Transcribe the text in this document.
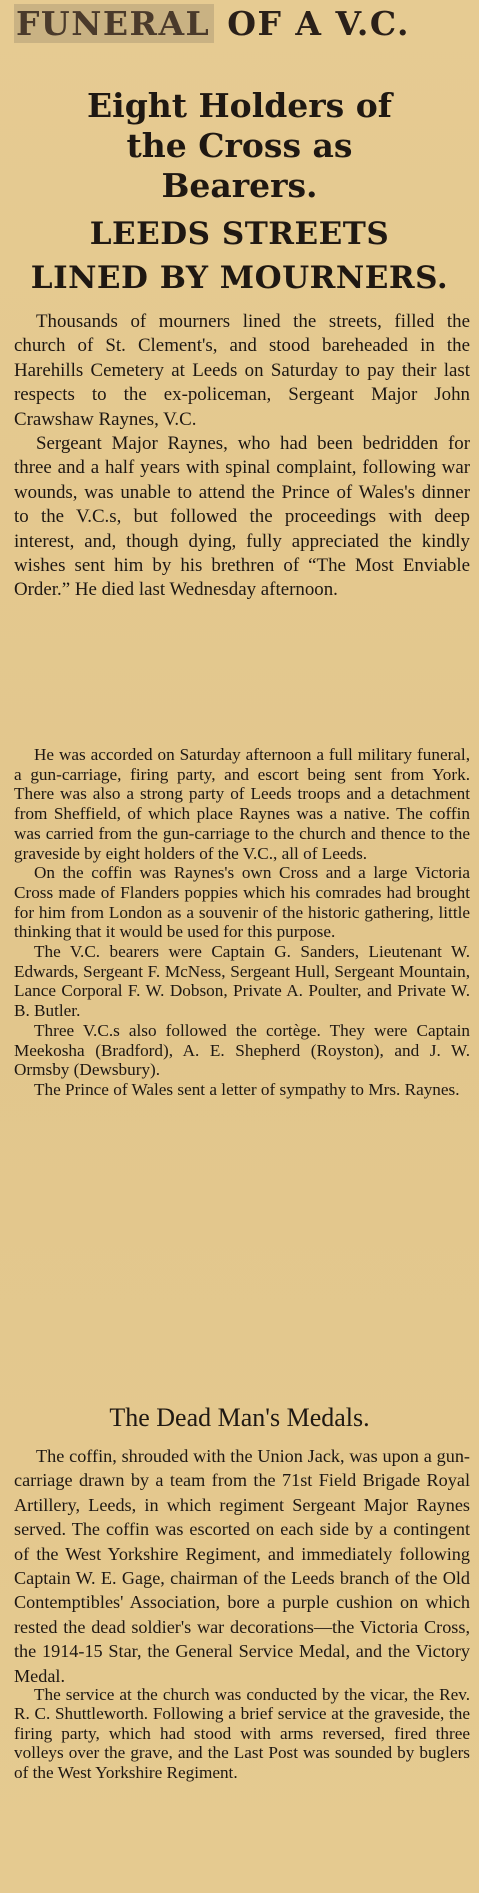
FUNERAL OF A V.C.
Eight Holders of the Cross as Bearers.
LEEDS STREETS LINED BY MOURNERS.

Thousands of mourners lined the streets, filled the church of St. Clement's, and stood bareheaded in the Harehills Cemetery at Leeds on Saturday to pay their last respects to the ex-policeman, Sergeant Major John Crawshaw Raynes, V.C.

Sergeant Major Raynes, who had been bedridden for three and a half years with spinal complaint, following war wounds, was unable to attend the Prince of Wales's dinner to the V.C.s, but followed the proceedings with deep interest, and, though dying, fully appreciated the kindly wishes sent him by his brethren of “The Most Enviable Order.” He died last Wednesday afternoon.

He was accorded on Saturday afternoon a full military funeral, a gun-carriage, firing party, and escort being sent from York. There was also a strong party of Leeds troops and a detachment from Sheffield, of which place Raynes was a native. The coffin was carried from the gun-carriage to the church and thence to the graveside by eight holders of the V.C., all of Leeds.

On the coffin was Raynes's own Cross and a large Victoria Cross made of Flanders poppies which his comrades had brought for him from London as a souvenir of the historic gathering, little thinking that it would be used for this purpose.

The V.C. bearers were Captain G. Sanders, Lieutenant W. Edwards, Sergeant F. McNess, Sergeant Hull, Sergeant Mountain, Lance Corporal F. W. Dobson, Private A. Poulter, and Private W. B. Butler.

Three V.C.s also followed the cortège. They were Captain Meekosha (Bradford), A. E. Shepherd (Royston), and J. W. Ormsby (Dewsbury).

The Prince of Wales sent a letter of sympathy to Mrs. Raynes.

The Dead Man's Medals.

The coffin, shrouded with the Union Jack, was upon a gun-carriage drawn by a team from the 71st Field Brigade Royal Artillery, Leeds, in which regiment Sergeant Major Raynes served. The coffin was escorted on each side by a contingent of the West Yorkshire Regiment, and immediately following Captain W. E. Gage, chairman of the Leeds branch of the Old Contemptibles' Association, bore a purple cushion on which rested the dead soldier's war decorations—the Victoria Cross, the 1914-15 Star, the General Service Medal, and the Victory Medal.

The service at the church was conducted by the vicar, the Rev. R. C. Shuttleworth. Following a brief service at the graveside, the firing party, which had stood with arms reversed, fired three volleys over the grave, and the Last Post was sounded by buglers of the West Yorkshire Regiment.
